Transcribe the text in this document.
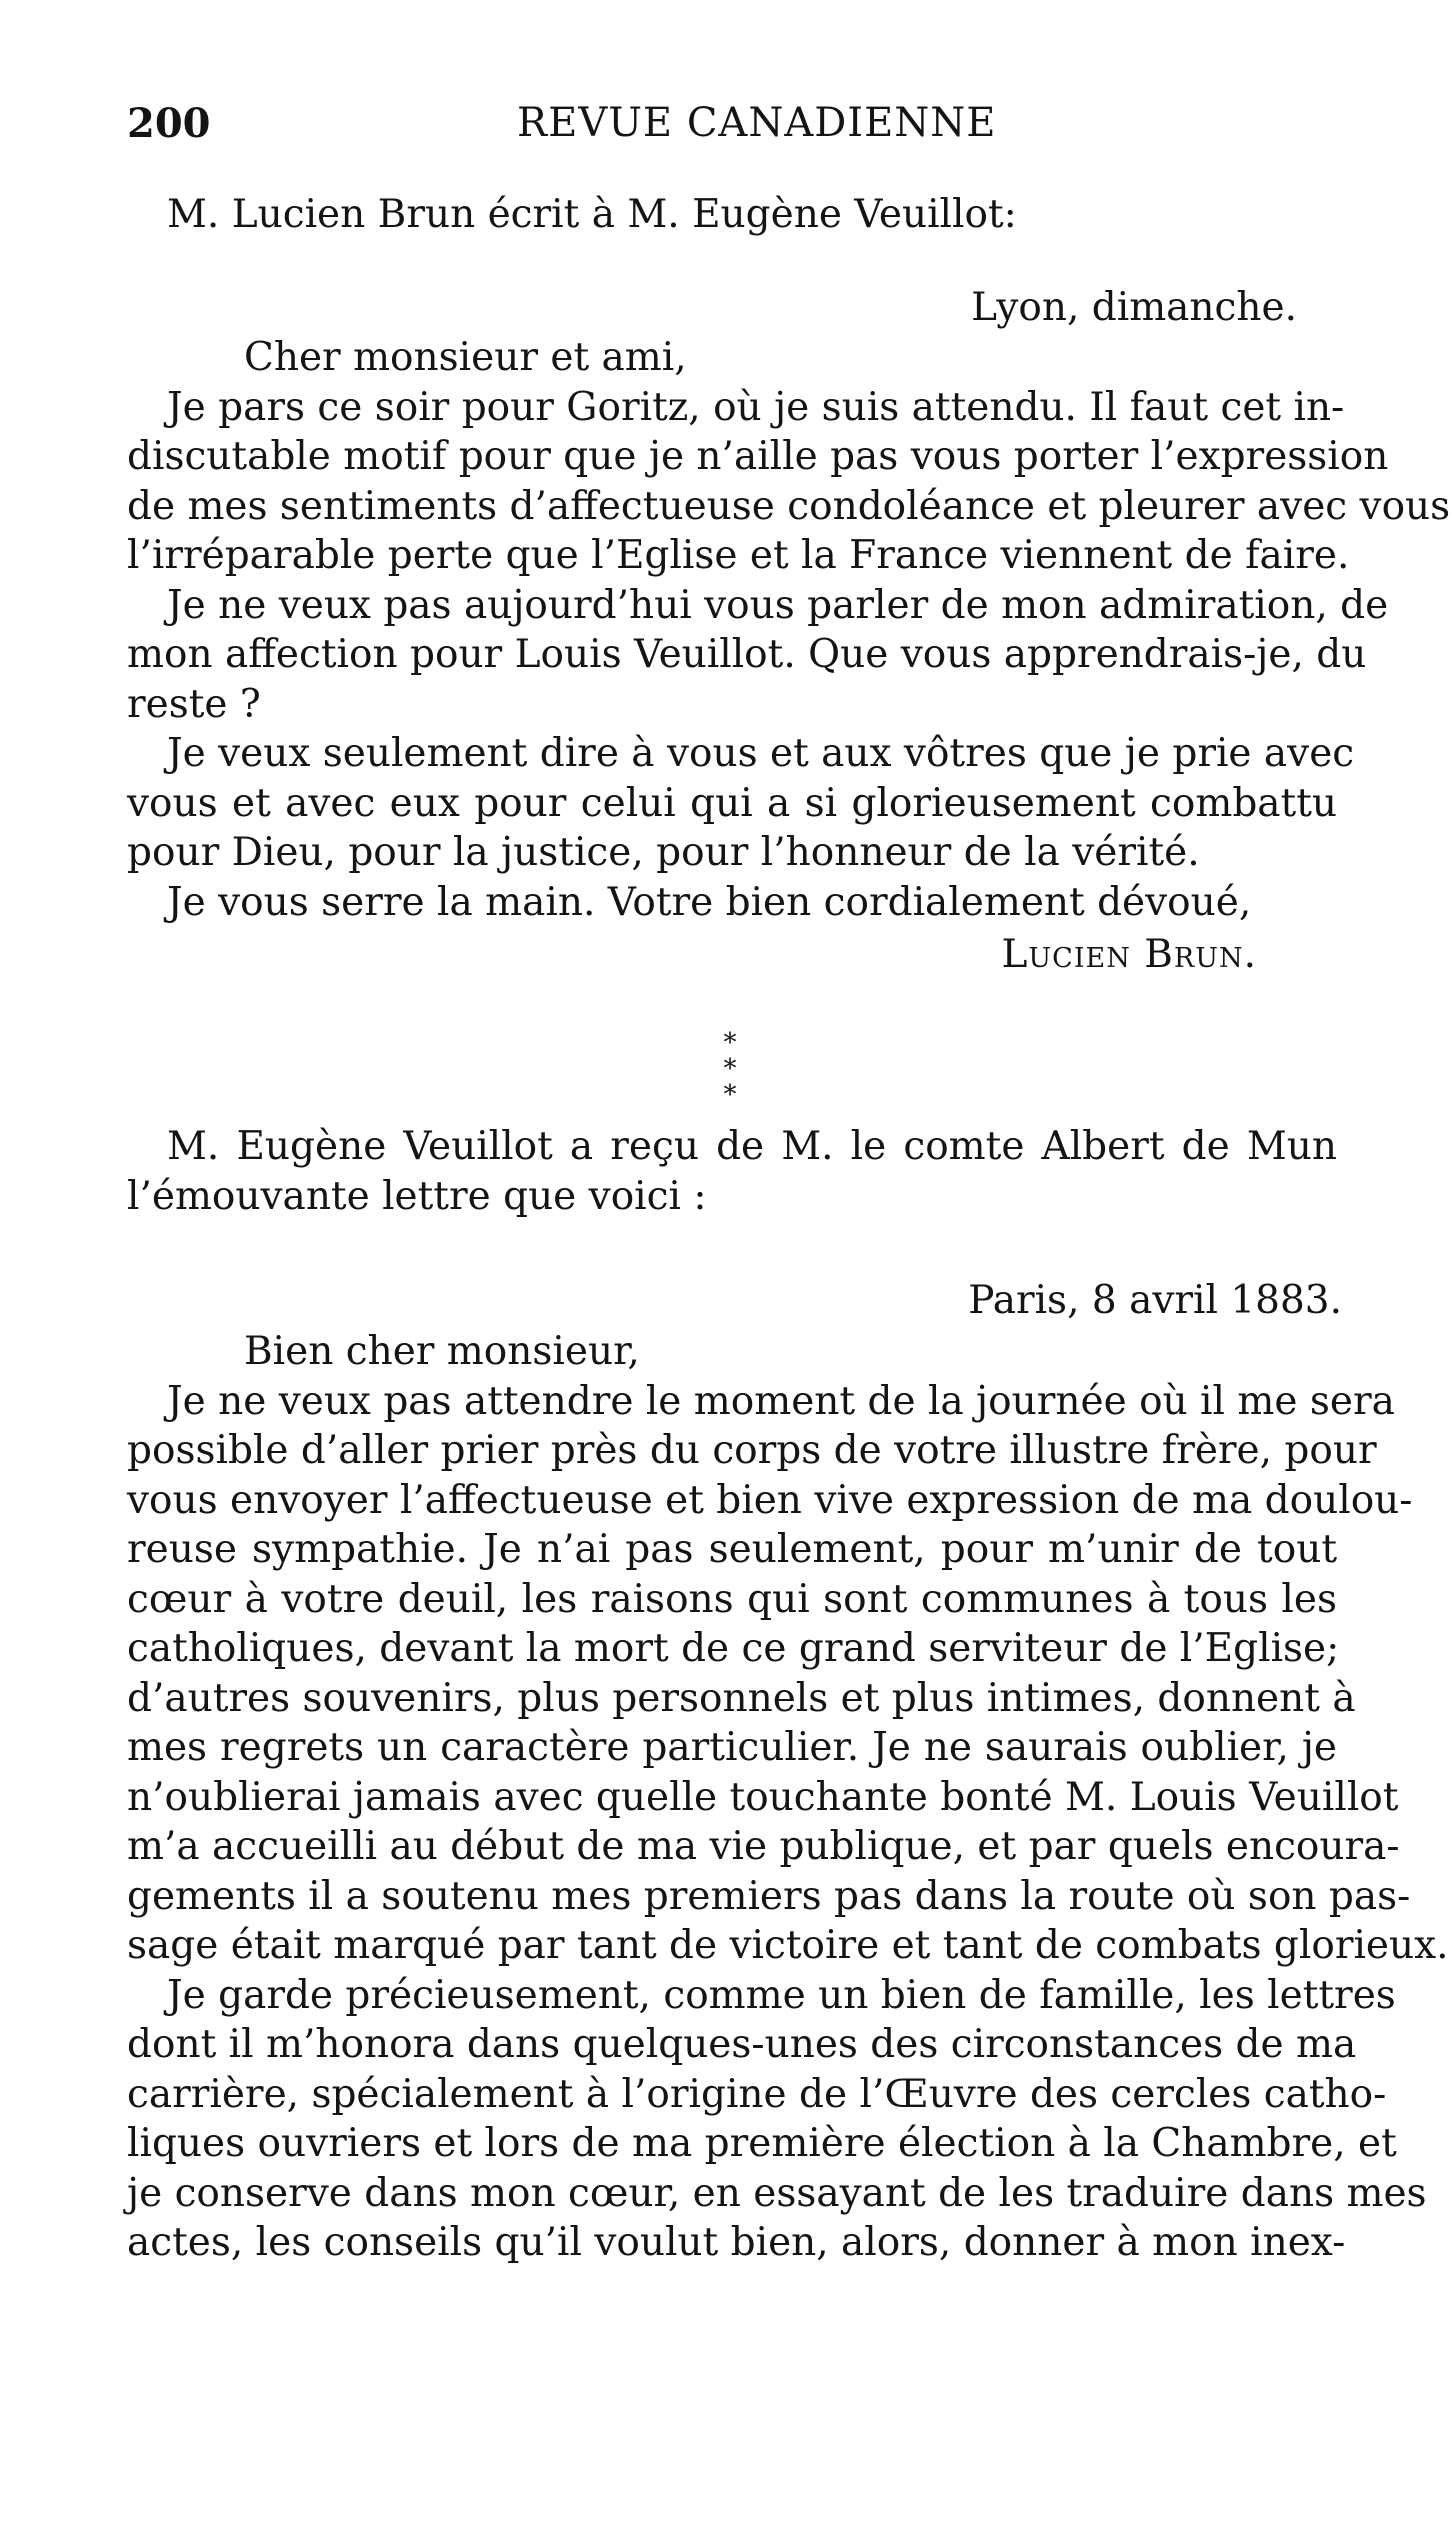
200	REVUE CANADIENNE
M. Lucien Brun écrit à M. Eugène Veuillot:
Lyon, dimanche.
Cher monsieur et ami,
Je pars ce soir pour Goritz, où je suis attendu. Il faut cet in-
discutable motif pour que je n’aille pas vous porter l’expression
de mes sentiments d’affectueuse condoléance et pleurer avec vous
l’irréparable perte que l’Eglise et la France viennent de faire.
Je ne veux pas aujourd’hui vous parler de mon admiration, de
mon affection pour Louis Veuillot. Que vous apprendrais-je, du
reste ?
Je veux seulement dire à vous et aux vôtres que je prie avec
vous et avec eux pour celui qui a si glorieusement combattu
pour Dieu, pour la justice, pour l’honneur de la vérité.
Je vous serre la main. Votre bien cordialement dévoué,
Lucien Brun.
*
* *
M. Eugène Veuillot a reçu de M. le comte Albert de Mun
l’émouvante lettre que voici :
Paris, 8 avril 1883.
Bien cher monsieur,
Je ne veux pas attendre le moment de la journée où il me sera
possible d’aller prier près du corps de votre illustre frère, pour
vous envoyer l’affectueuse et bien vive expression de ma doulou-
reuse sympathie. Je n’ai pas seulement, pour m’unir de tout
cœur à votre deuil, les raisons qui sont communes à tous les
catholiques, devant la mort de ce grand serviteur de l’Eglise;
d’autres souvenirs, plus personnels et plus intimes, donnent à
mes regrets un caractère particulier. Je ne saurais oublier, je
n’oublierai jamais avec quelle touchante bonté M. Louis Veuillot
m’a accueilli au début de ma vie publique, et par quels encoura-
gements il a soutenu mes premiers pas dans la route où son pas-
sage était marqué par tant de victoire et tant de combats glorieux.
Je garde précieusement, comme un bien de famille, les lettres
dont il m’honora dans quelques-unes des circonstances de ma
carrière, spécialement à l’origine de l’Œuvre des cercles catho-
liques ouvriers et lors de ma première élection à la Chambre, et
je conserve dans mon cœur, en essayant de les traduire dans mes
actes, les conseils qu’il voulut bien, alors, donner à mon inex-
